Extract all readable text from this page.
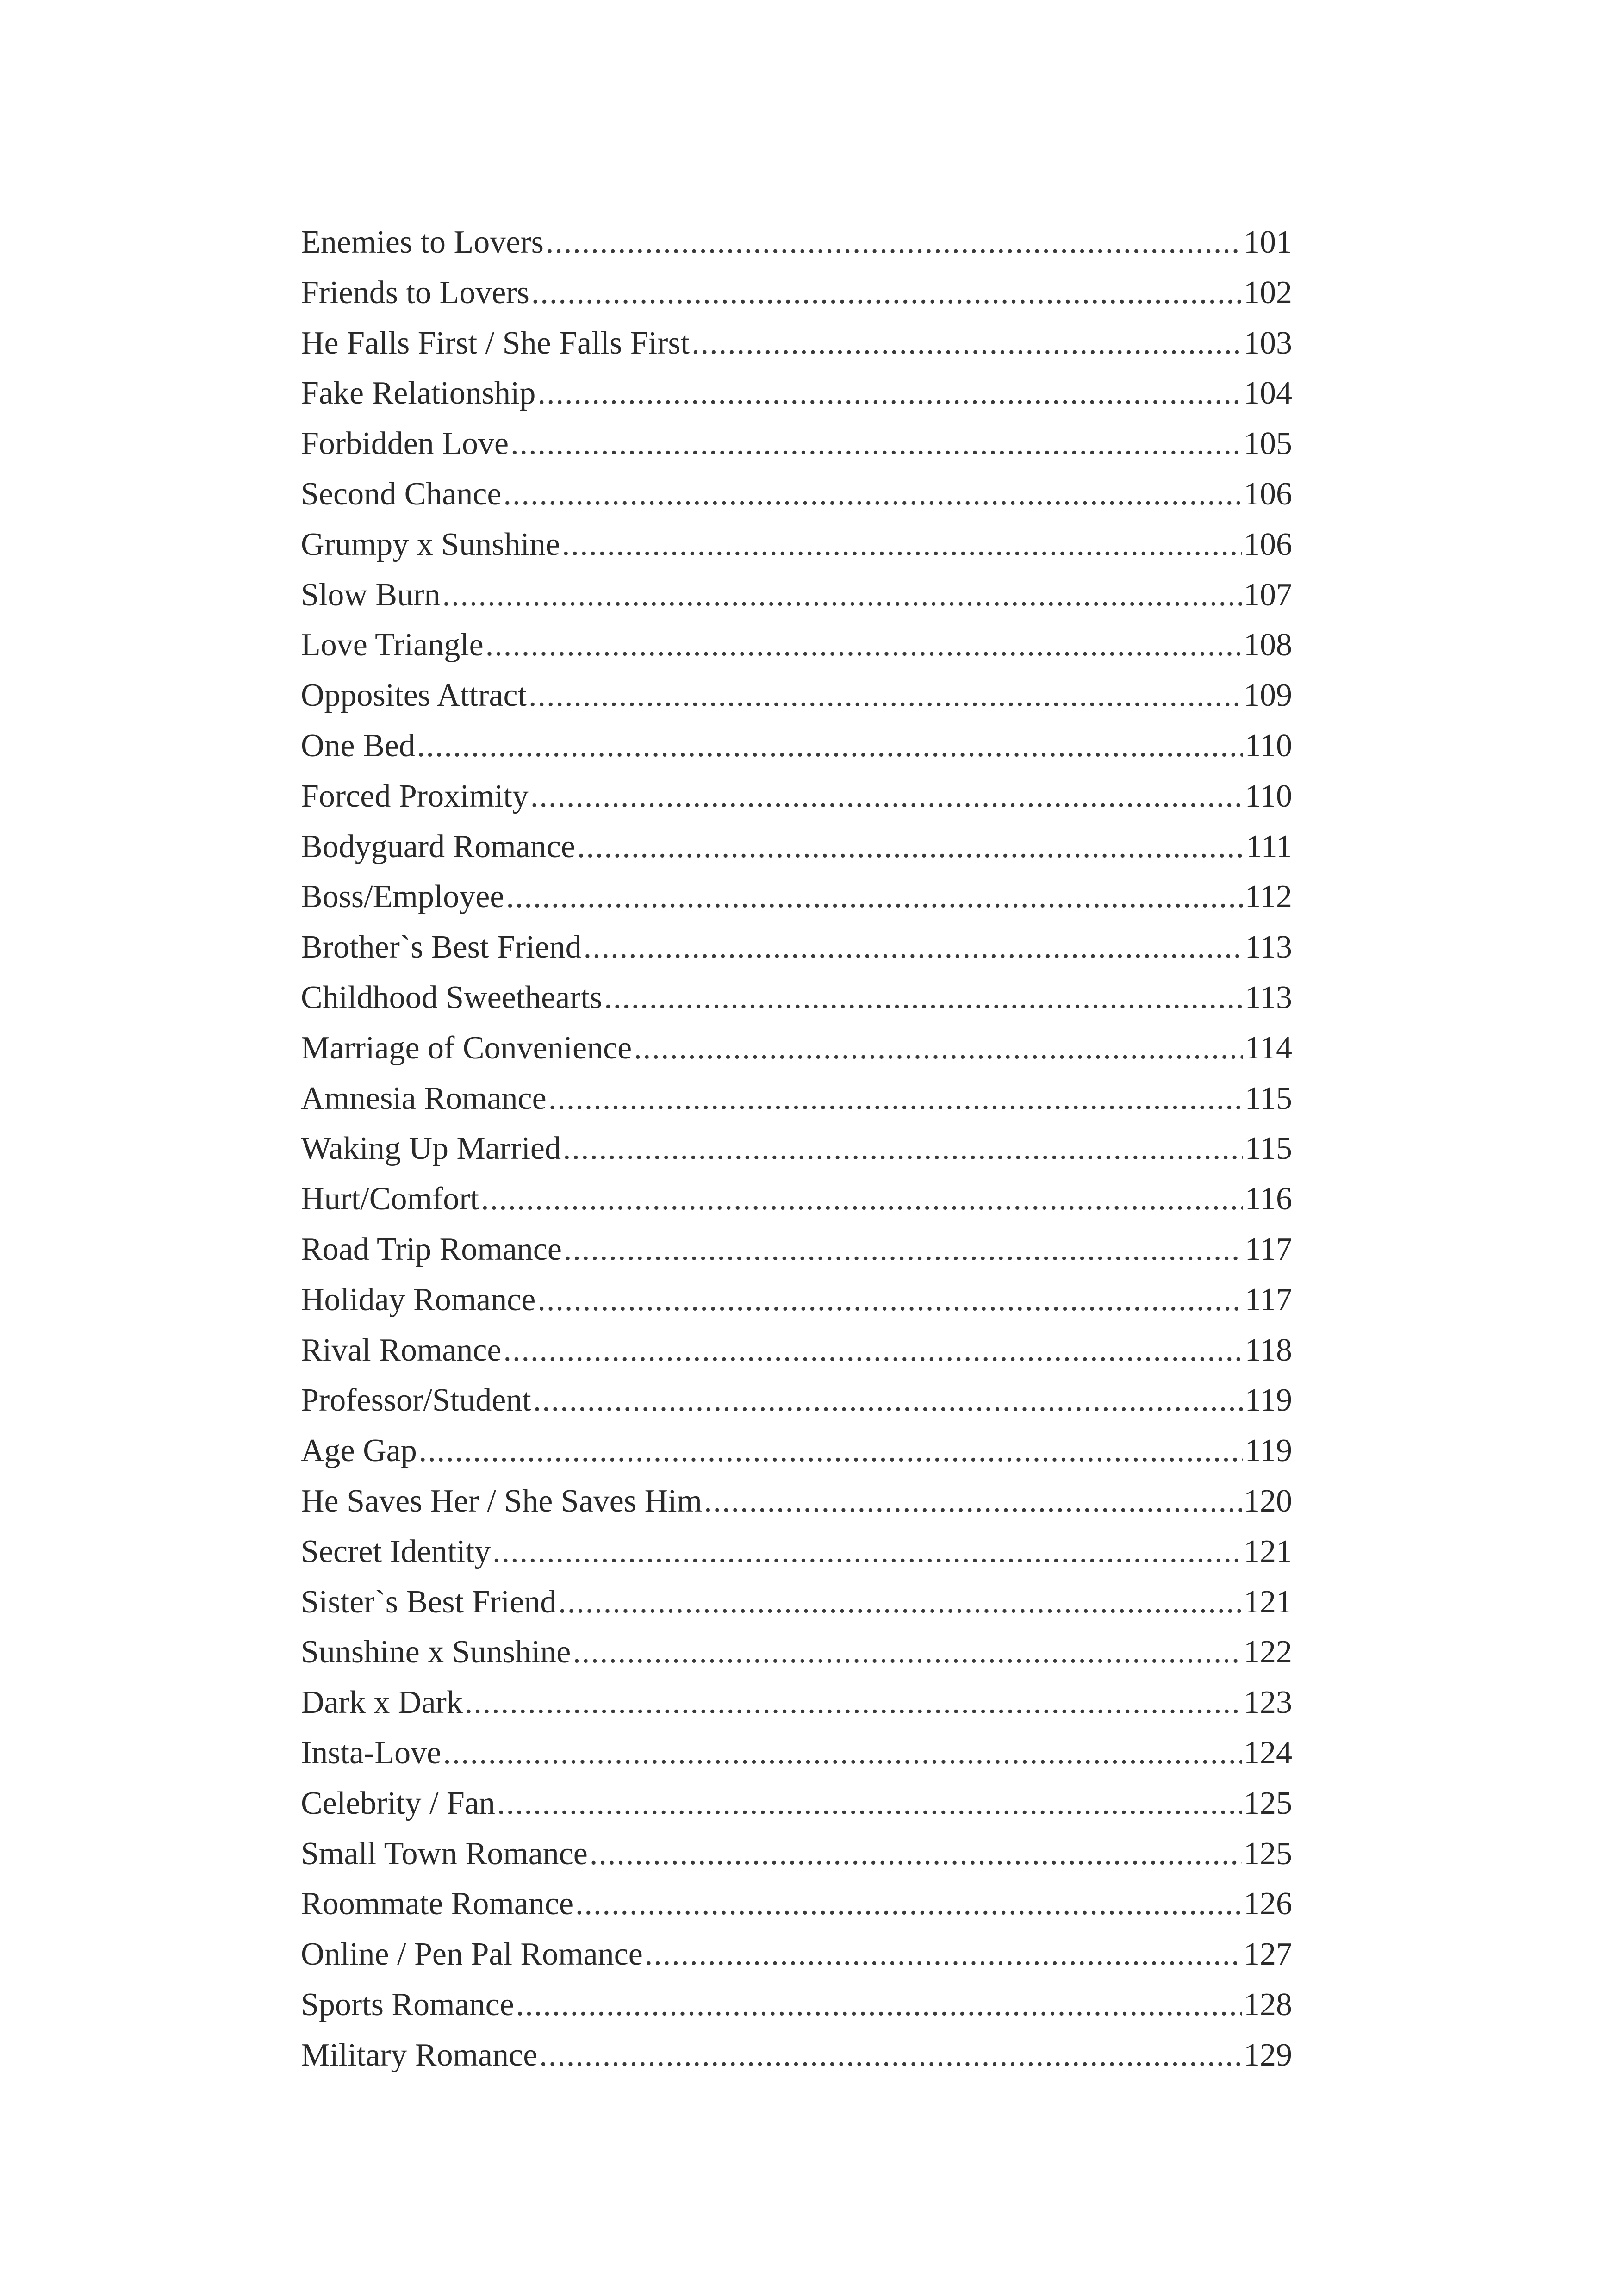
Enemies to Lovers .....	101
Friends to Lovers .....	102
He Falls First / She Falls First .....	103
Fake Relationship .....	104
Forbidden Love .....	105
Second Chance .....	106
Grumpy x Sunshine .....	106
Slow Burn .....	107
Love Triangle .....	108
Opposites Attract .....	109
One Bed .....	110
Forced Proximity .....	110
Bodyguard Romance .....	111
Boss/Employee .....	112
Brother`s Best Friend .....	113
Childhood Sweethearts .....	113
Marriage of Convenience .....	114
Amnesia Romance .....	115
Waking Up Married .....	115
Hurt/Comfort .....	116
Road Trip Romance .....	117
Holiday Romance .....	117
Rival Romance .....	118
Professor/Student .....	119
Age Gap .....	119
He Saves Her / She Saves Him .....	120
Secret Identity .....	121
Sister`s Best Friend .....	121
Sunshine x Sunshine .....	122
Dark x Dark .....	123
Insta-Love .....	124
Celebrity / Fan .....	125
Small Town Romance .....	125
Roommate Romance .....	126
Online / Pen Pal Romance .....	127
Sports Romance .....	128
Military Romance .....	129
